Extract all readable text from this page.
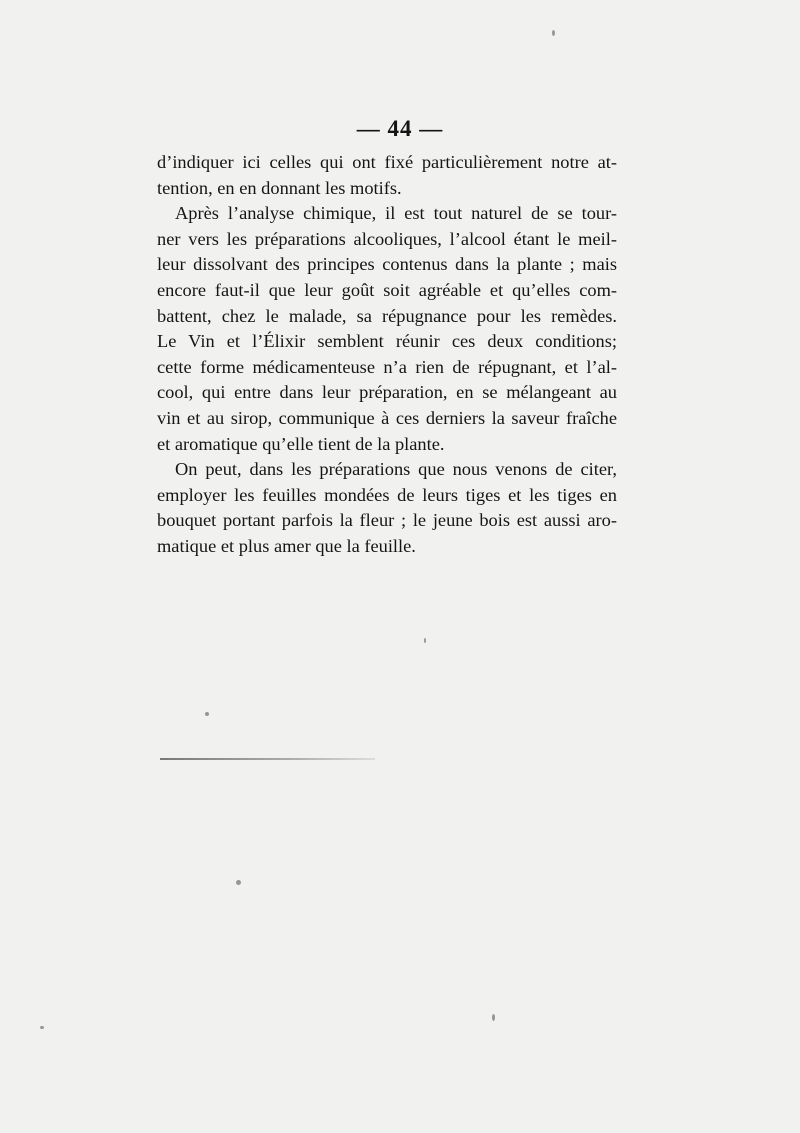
— 44 —
d’indiquer ici celles qui ont fixé particulièrement notre at-
tention, en en donnant les motifs.
Après l’analyse chimique, il est tout naturel de se tour-
ner vers les préparations alcooliques, l’alcool étant le meil-
leur dissolvant des principes contenus dans la plante ; mais
encore faut-il que leur goût soit agréable et qu’elles com-
battent, chez le malade, sa répugnance pour les remèdes.
Le Vin et l’Élixir semblent réunir ces deux conditions;
cette forme médicamenteuse n’a rien de répugnant, et l’al-
cool, qui entre dans leur préparation, en se mélangeant au
vin et au sirop, communique à ces derniers la saveur fraîche
et aromatique qu’elle tient de la plante.
On peut, dans les préparations que nous venons de citer,
employer les feuilles mondées de leurs tiges et les tiges en
bouquet portant parfois la fleur ; le jeune bois est aussi aro-
matique et plus amer que la feuille.
